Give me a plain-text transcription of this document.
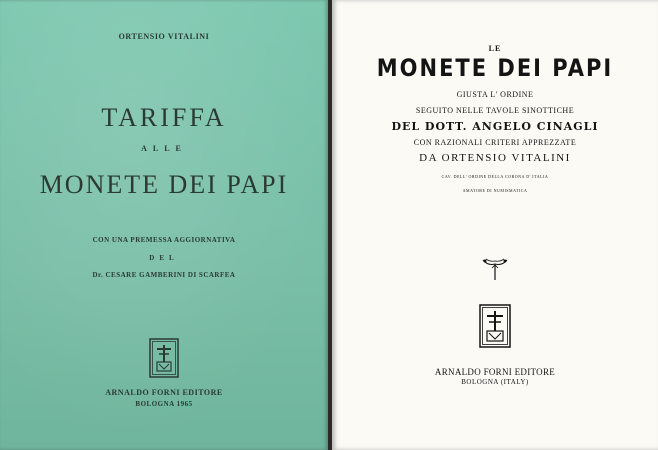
ORTENSIO VITALINI
TARIFFA
ALLE
MONETE DEI PAPI
CON UNA PREMESSA AGGIORNATIVA
DEL
Dr. CESARE GAMBERINI DI SCARFEA
ARNALDO FORNI EDITORE
BOLOGNA 1965
LE
MONETE DEI PAPI
GIUSTA L' ORDINE
SEGUITO NELLE TAVOLE SINOTTICHE
DEL DOTT. ANGELO CINAGLI
CON RAZIONALI CRITERI APPREZZATE
DA ORTENSIO VITALINI
CAV. DELL' ORDINE DELLA CORONA D' ITALIA
AMATORE DI NUMISMATICA
ARNALDO FORNI EDITORE
BOLOGNA (ITALY)
